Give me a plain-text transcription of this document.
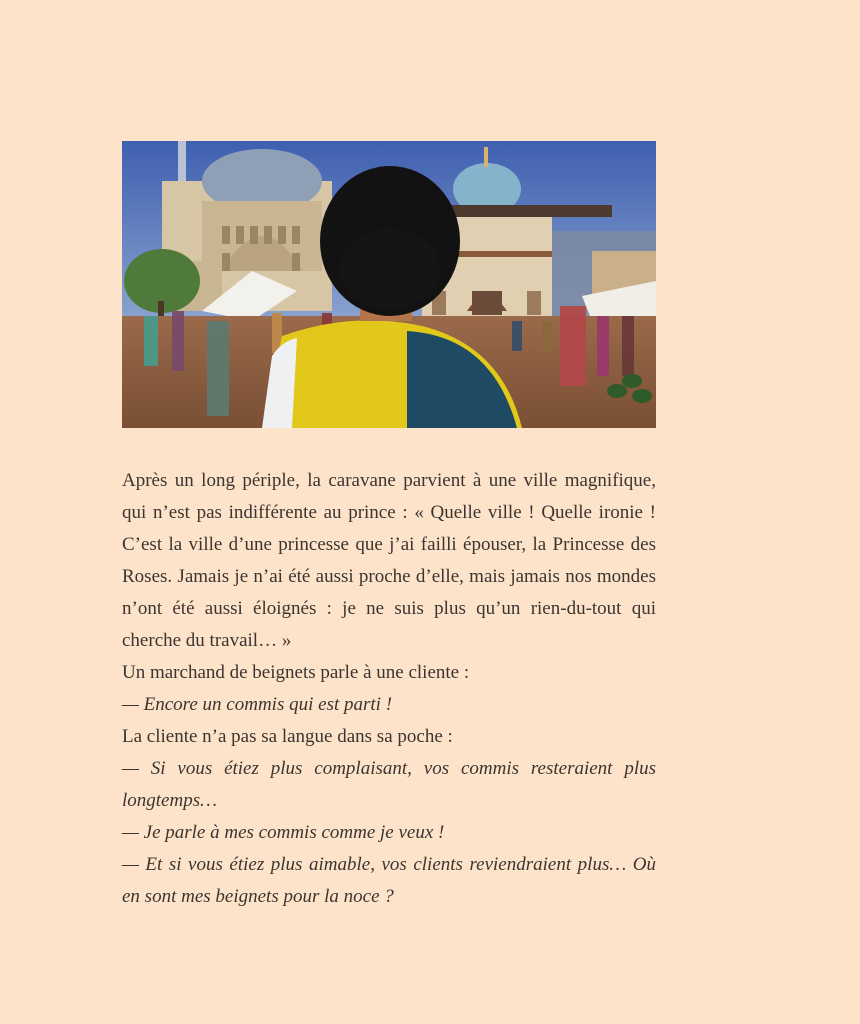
Après un long périple, la caravane parvient à une ville magnifique, qui n’est pas indifférente au prince : « Quelle ville ! Quelle ironie ! C’est la ville d’une princesse que j’ai failli épouser, la Princesse des Roses. Jamais je n’ai été aussi proche d’elle, mais jamais nos mondes n’ont été aussi éloignés : je ne suis plus qu’un rien-du-tout qui cherche du travail… »

Un marchand de beignets parle à une cliente :

— Encore un commis qui est parti !

La cliente n’a pas sa langue dans sa poche :

— Si vous étiez plus complaisant, vos commis resteraient plus longtemps…

— Je parle à mes commis comme je veux !

— Et si vous étiez plus aimable, vos clients reviendraient plus… Où en sont mes beignets pour la noce ?
